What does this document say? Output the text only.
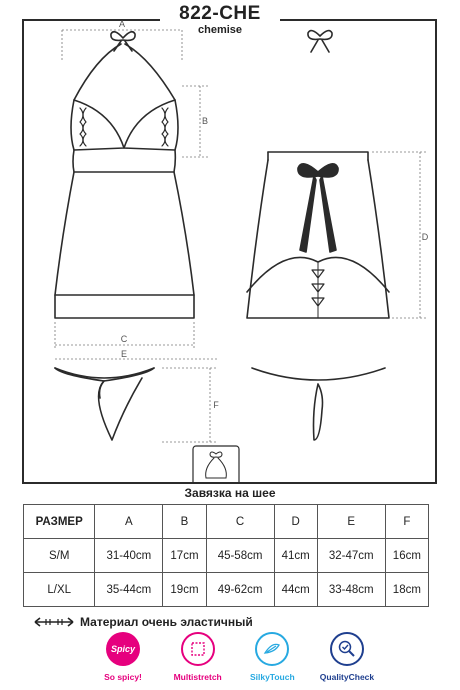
822-CHE
chemise
A
B
C
E
F
D
Завязка на шее
РАЗМЕР	A	B	C	D	E	F
S/M	31-40cm	17cm	45-58cm	41cm	32-47cm	16cm
L/XL	35-44cm	19cm	49-62cm	44cm	33-48cm	18cm
Материал очень эластичный
Spicy
So spicy!	Multistretch	SilkyTouch	QualityCheck
